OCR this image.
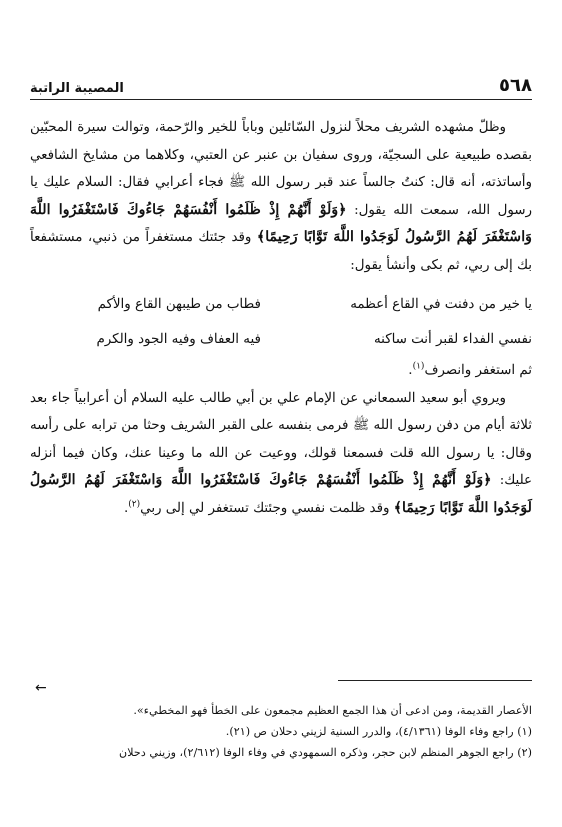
٥٦٨
المصيبة الراتبة

وظلّ مشهده الشريف محلاً لنزول السّائلين وباباً للخير والرّحمة، وتوالت سيرة المحبّين بقصده طبيعية على السجيّة، وروى سفيان بن عنبر عن العتبي، وكلاهما من مشايخ الشافعي وأساتذته، أنه قال: كنتُ جالساً عند قبر رسول الله ﷺ فجاء أعرابي فقال: السلام عليك يا رسول الله، سمعت الله يقول: ﴿وَلَوْ أَنَّهُمْ إِذْ ظَلَمُوا أَنْفُسَهُمْ جَاءُوكَ فَاسْتَغْفَرُوا اللَّهَ وَاسْتَغْفَرَ لَهُمُ الرَّسُولُ لَوَجَدُوا اللَّهَ تَوَّابًا رَحِيمًا﴾ وقد جئتك مستغفراً من ذنبي، مستشفعاً بك إلى ربي، ثم بكى وأنشأ يقول:

يا خير من دفنت في القاع أعظمه
فطاب من طيبهن القاع والأكم
نفسي الفداء لقبر أنت ساكنه
فيه العفاف وفيه الجود والكرم

ثم استغفر وانصرف$^{(١)}$.

ويروي أبو سعيد السمعاني عن الإمام علي بن أبي طالب عليه السلام أن أعرابياً جاء بعد ثلاثة أيام من دفن رسول الله ﷺ فرمى بنفسه على القبر الشريف وحثا من ترابه على رأسه وقال: يا رسول الله قلت فسمعنا قولك، ووعيت عن الله ما وعينا عنك، وكان فيما أنزله عليك: ﴿وَلَوْ أَنَّهُمْ إِذْ ظَلَمُوا أَنْفُسَهُمْ جَاءُوكَ فَاسْتَغْفَرُوا اللَّهَ وَاسْتَغْفَرَ لَهُمُ الرَّسُولُ لَوَجَدُوا اللَّهَ تَوَّابًا رَحِيمًا﴾ وقد ظلمت نفسي وجئتك تستغفر لي إلى ربي$^{(٢)}$.

←

الأعصار القديمة، ومن ادعى أن هذا الجمع العظيم مجمعون على الخطأ فهو المخطيء».

(١) راجع وفاء الوفا (٤/١٣٦١)، والدرر السنية لزيني دحلان ص (٢١).

(٢) راجع الجوهر المنظم لابن حجر، وذكره السمهودي في وفاء الوفا (٢/٦١٢)، وزيني دحلان
